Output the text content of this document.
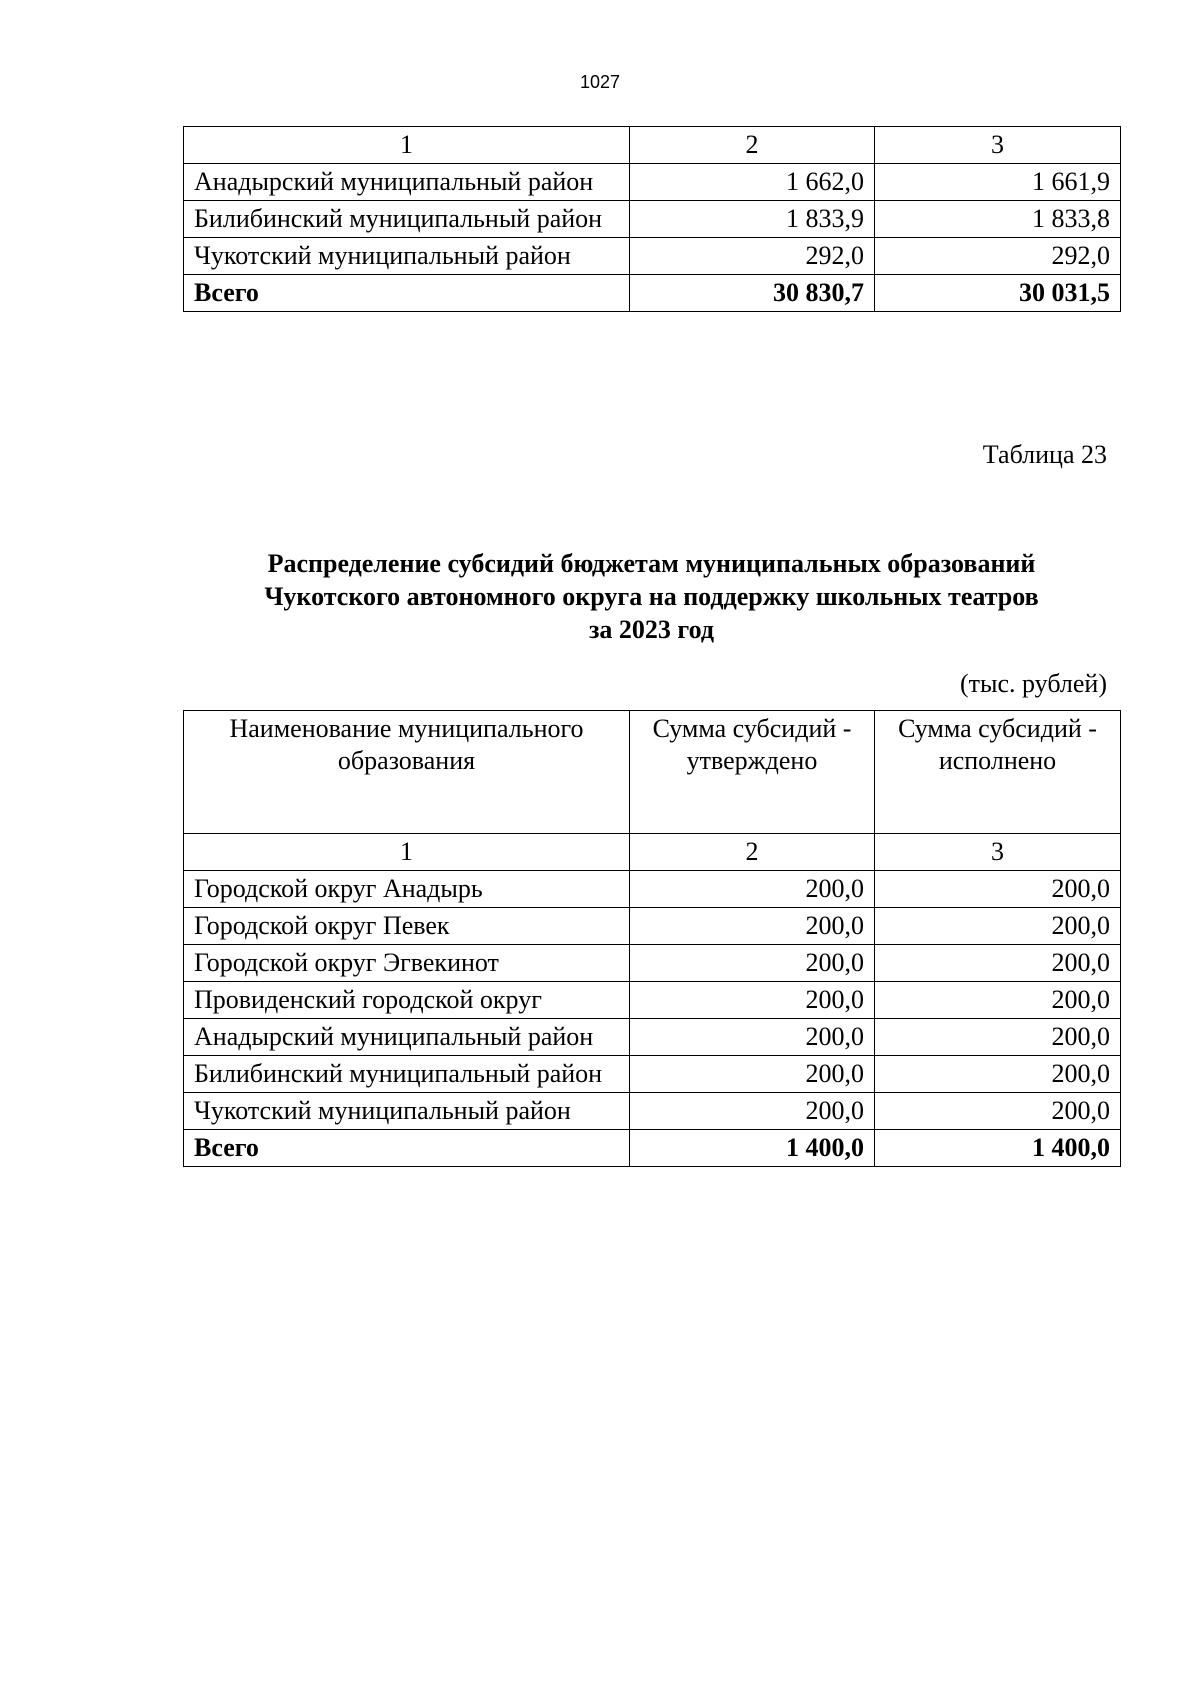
1027
1	2	3
Анадырский муниципальный район	1 662,0	1 661,9
Билибинский муниципальный район	1 833,9	1 833,8
Чукотский муниципальный район	292,0	292,0
Всего	30 830,7	30 031,5
Таблица 23
Распределение субсидий бюджетам муниципальных образований
Чукотского автономного округа на поддержку школьных театров
за 2023 год
(тыс. рублей)
Наименование муниципального образования	Сумма субсидий - утверждено	Сумма субсидий - исполнено
1	2	3
Городской округ Анадырь	200,0	200,0
Городской округ Певек	200,0	200,0
Городской округ Эгвекинот	200,0	200,0
Провиденский городской округ	200,0	200,0
Анадырский муниципальный район	200,0	200,0
Билибинский муниципальный район	200,0	200,0
Чукотский муниципальный район	200,0	200,0
Всего	1 400,0	1 400,0
